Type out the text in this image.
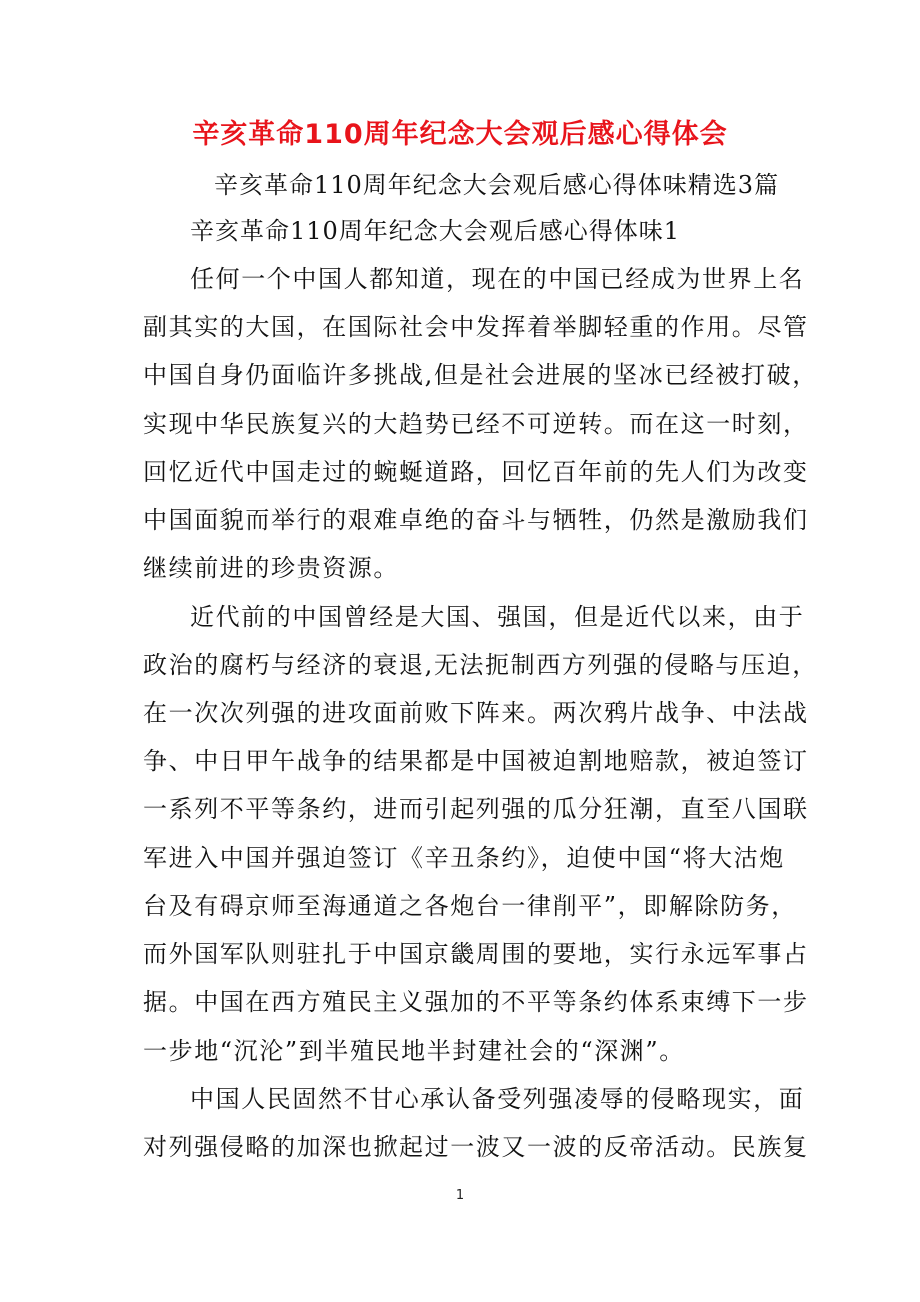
辛亥革命110周年纪念大会观后感心得体会

辛亥革命110周年纪念大会观后感心得体味精选3篇

辛亥革命110周年纪念大会观后感心得体味1

任何一个中国人都知道，现在的中国已经成为世界上名

副其实的大国，在国际社会中发挥着举脚轻重的作用。尽管

中国自身仍面临许多挑战,但是社会进展的坚冰已经被打破，

实现中华民族复兴的大趋势已经不可逆转。而在这一时刻，

回忆近代中国走过的蜿蜒道路，回忆百年前的先人们为改变

中国面貌而举行的艰难卓绝的奋斗与牺牲，仍然是激励我们

继续前进的珍贵资源。

近代前的中国曾经是大国、强国，但是近代以来，由于

政治的腐朽与经济的衰退,无法扼制西方列强的侵略与压迫，

在一次次列强的进攻面前败下阵来。两次鸦片战争、中法战

争、中日甲午战争的结果都是中国被迫割地赔款，被迫签订

一系列不平等条约，进而引起列强的瓜分狂潮，直至八国联

军进入中国并强迫签订《辛丑条约》，迫使中国“将大沽炮

台及有碍京师至海通道之各炮台一律削平”，即解除防务，

而外国军队则驻扎于中国京畿周围的要地，实行永远军事占

据。中国在西方殖民主义强加的不平等条约体系束缚下一步

一步地“沉沦”到半殖民地半封建社会的“深渊”。

中国人民固然不甘心承认备受列强凌辱的侵略现实，面

对列强侵略的加深也掀起过一波又一波的反帝活动。民族复

1
